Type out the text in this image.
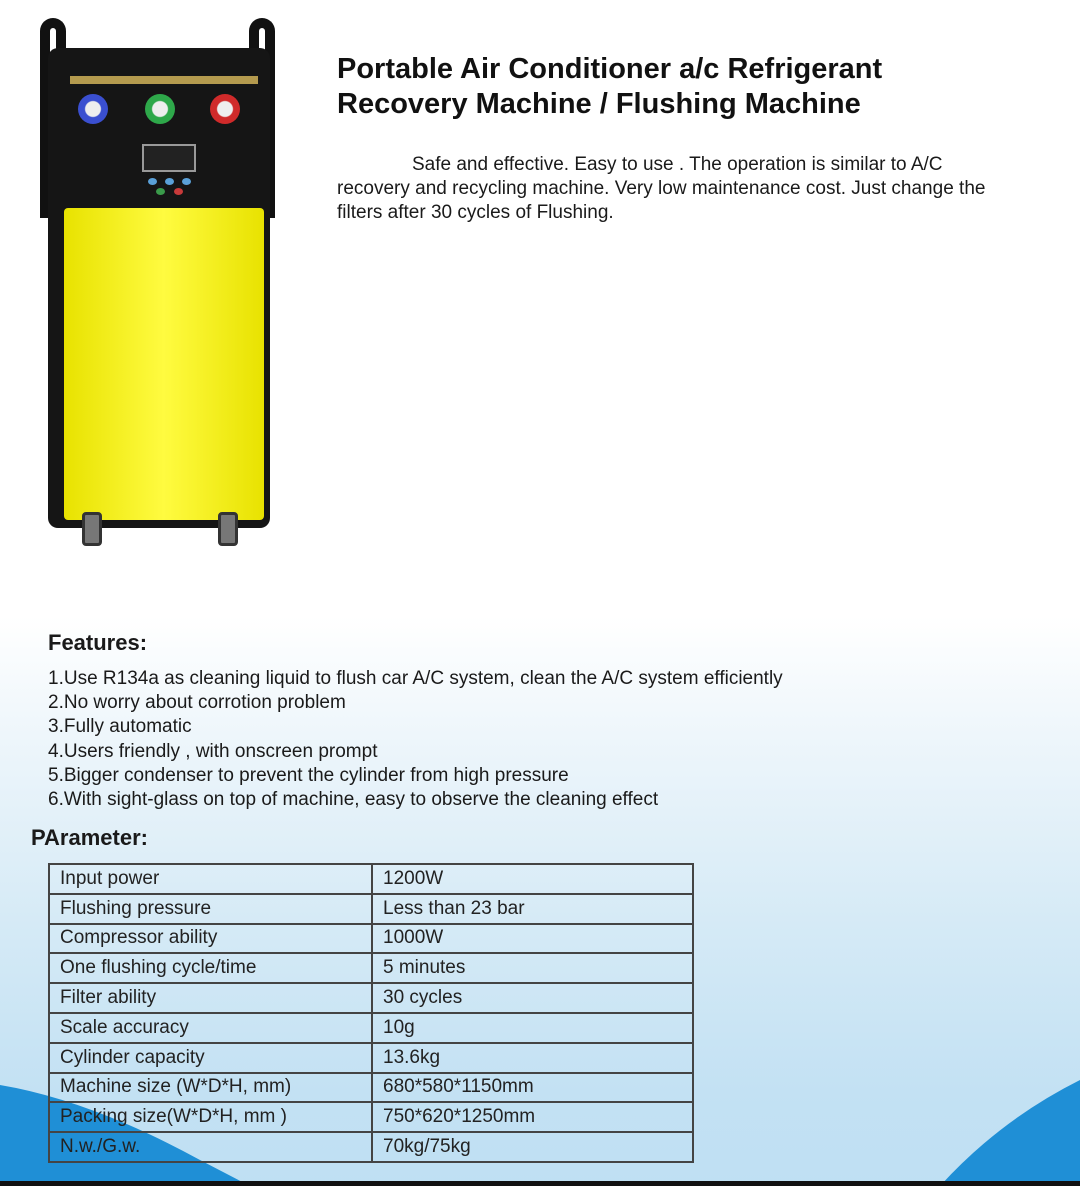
Portable Air Conditioner a/c Refrigerant Recovery Machine / Flushing Machine

Safe and effective. Easy to use . The operation is similar to A/C recovery and recycling machine. Very low maintenance cost. Just change the filters after 30 cycles of Flushing.

Features:
1.Use R134a as cleaning liquid to flush car A/C system, clean the A/C system efficiently
2.No worry about corrotion problem
3.Fully automatic
4.Users friendly , with onscreen prompt
5.Bigger condenser to prevent the cylinder from high pressure
6.With sight-glass on top of machine, easy to observe the cleaning effect
PArameter:
Input power	1200W
Flushing pressure	Less than 23 bar
Compressor ability	1000W
One flushing cycle/time	5 minutes
Filter ability	30 cycles
Scale accuracy	10g
Cylinder capacity	13.6kg
Machine size (W*D*H, mm)	680*580*1150mm
Packing size(W*D*H, mm )	750*620*1250mm
N.w./G.w.	70kg/75kg
